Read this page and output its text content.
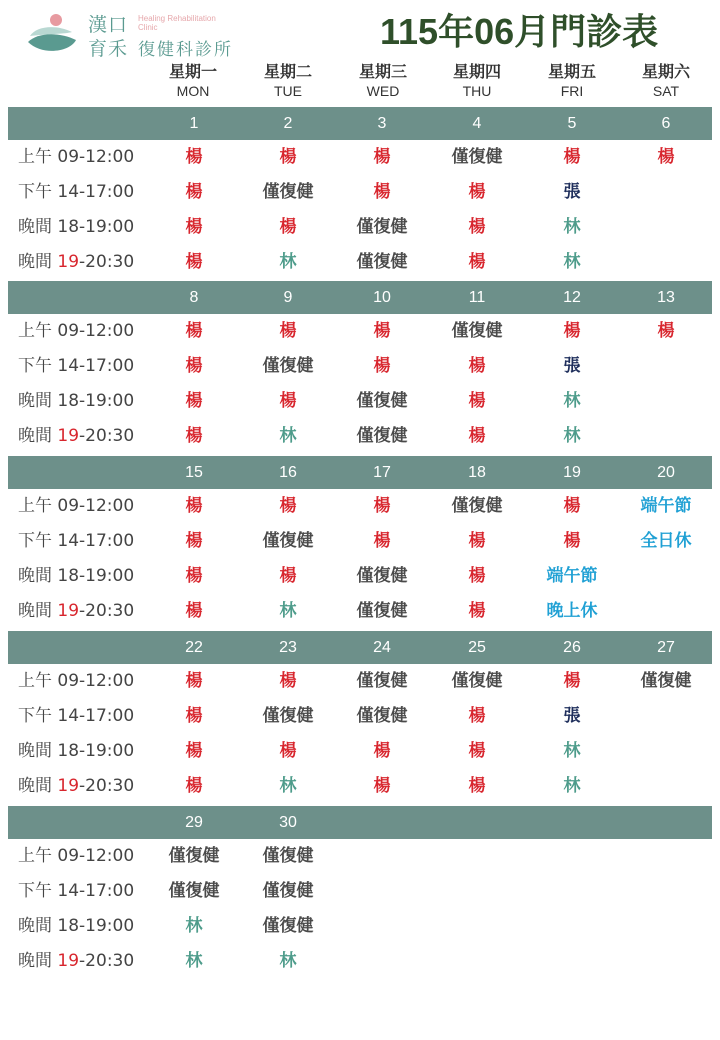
漢口 Healing Rehabilitation Clinic
育禾 復健科診所	115年06月門診表
星期一
MON
星期二
TUE
星期三
WED
星期四
THU
星期五
FRI
星期六
SAT
1	2	3	4	5	6
上午 09-12:00	楊	楊	楊	僅復健	楊	楊
下午 14-17:00	楊	僅復健	楊	楊	張
晚間 18-19:00	楊	楊	僅復健	楊	林
晚間 19-20:30	楊	林	僅復健	楊	林
8	9	10	11	12	13
上午 09-12:00	楊	楊	楊	僅復健	楊	楊
下午 14-17:00	楊	僅復健	楊	楊	張
晚間 18-19:00	楊	楊	僅復健	楊	林
晚間 19-20:30	楊	林	僅復健	楊	林
15	16	17	18	19	20
上午 09-12:00	楊	楊	楊	僅復健	楊	端午節
下午 14-17:00	楊	僅復健	楊	楊	楊	全日休
晚間 18-19:00	楊	楊	僅復健	楊	端午節
晚間 19-20:30	楊	林	僅復健	楊	晚上休
22	23	24	25	26	27
上午 09-12:00	楊	楊	僅復健	僅復健	楊	僅復健
下午 14-17:00	楊	僅復健	僅復健	楊	張
晚間 18-19:00	楊	楊	楊	楊	林
晚間 19-20:30	楊	林	楊	楊	林
29	30
上午 09-12:00	僅復健	僅復健
下午 14-17:00	僅復健	僅復健
晚間 18-19:00	林	僅復健
晚間 19-20:30	林	林
